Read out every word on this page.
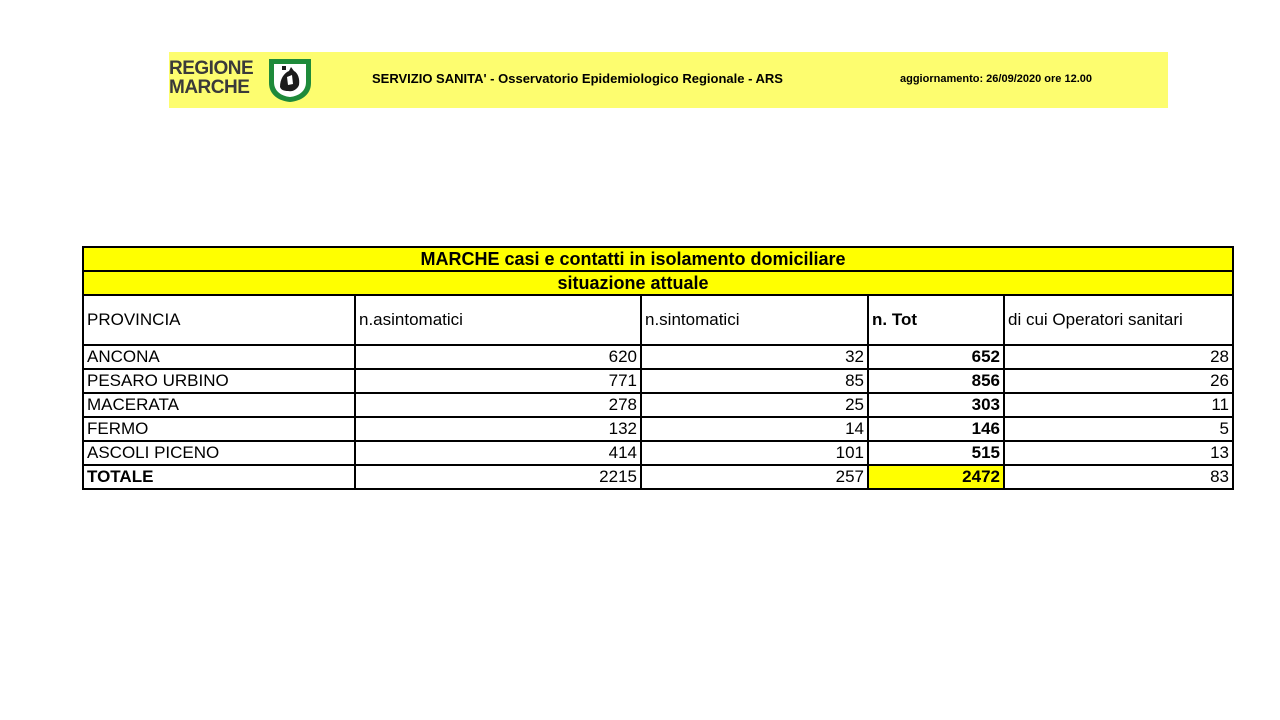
REGIONE
MARCHE	SERVIZIO SANITA' - Osservatorio Epidemiologico Regionale - ARS	aggiornamento: 26/09/2020 ore 12.00
MARCHE casi e contatti in isolamento domiciliare				

situazione attuale				

PROVINCIA	n.asintomatici	n.sintomatici	n. Tot	di cui Operatori sanitari
ANCONA	620	32	652	28
PESARO URBINO	771	85	856	26
MACERATA	278	25	303	11
FERMO	132	14	146	5
ASCOLI PICENO	414	101	515	13
TOTALE	2215	257	2472	83
